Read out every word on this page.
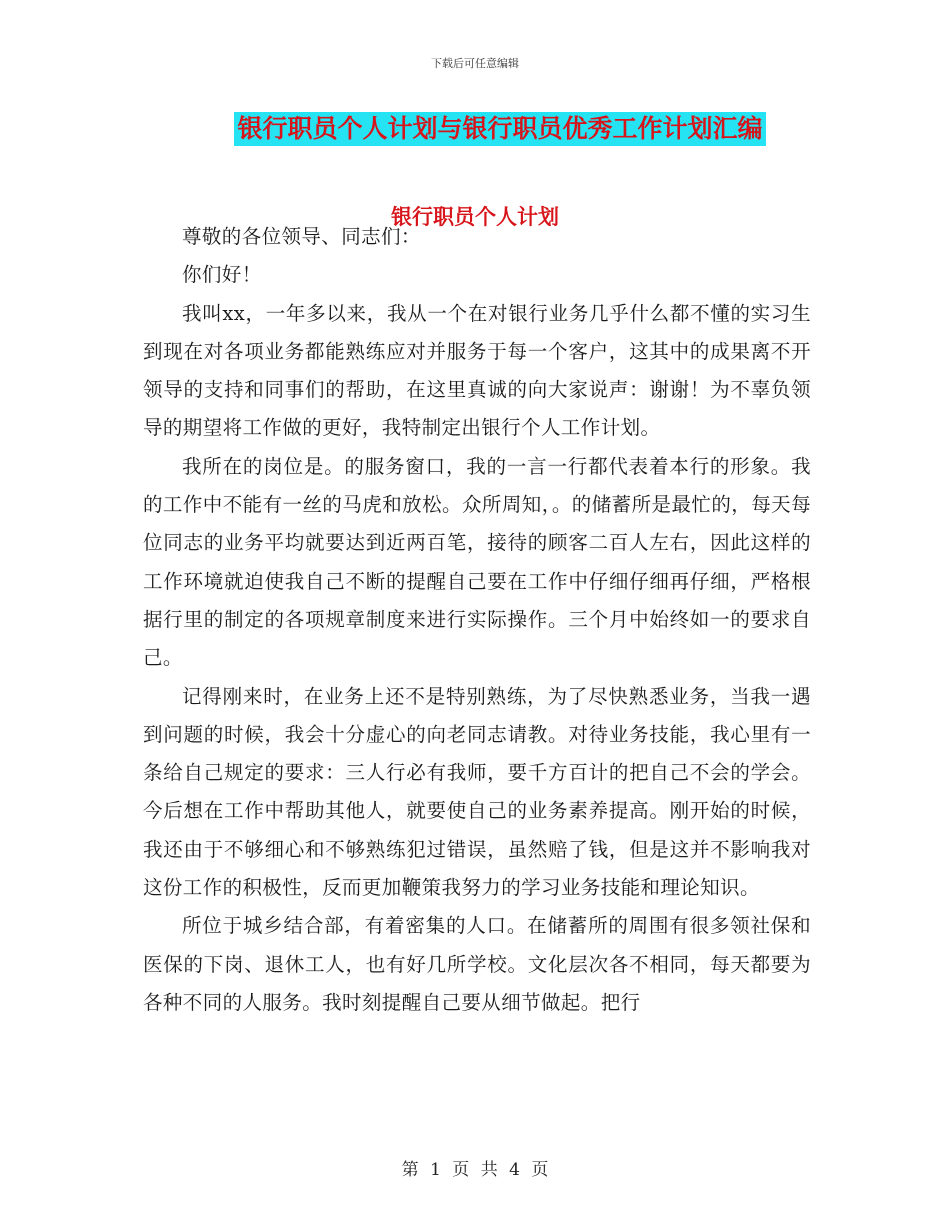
下载后可任意编辑
银行职员个人计划与银行职员优秀工作计划汇编
银行职员个人计划

尊敬的各位领导、同志们：

你们好！

我叫xx，一年多以来，我从一个在对银行业务几乎什么都不懂的实习生到现在对各项业务都能熟练应对并服务于每一个客户，这其中的成果离不开领导的支持和同事们的帮助，在这里真诚的向大家说声：谢谢！为不辜负领导的期望将工作做的更好，我特制定出银行个人工作计划。

我所在的岗位是。的服务窗口，我的一言一行都代表着本行的形象。我的工作中不能有一丝的马虎和放松。众所周知，。的储蓄所是最忙的，每天每位同志的业务平均就要达到近两百笔，接待的顾客二百人左右，因此这样的工作环境就迫使我自己不断的提醒自己要在工作中仔细仔细再仔细，严格根据行里的制定的各项规章制度来进行实际操作。三个月中始终如一的要求自己。

记得刚来时，在业务上还不是特别熟练，为了尽快熟悉业务，当我一遇到问题的时候，我会十分虚心的向老同志请教。对待业务技能，我心里有一条给自己规定的要求：三人行必有我师，要千方百计的把自己不会的学会。今后想在工作中帮助其他人，就要使自己的业务素养提高。刚开始的时候，我还由于不够细心和不够熟练犯过错误，虽然赔了钱，但是这并不影响我对这份工作的积极性，反而更加鞭策我努力的学习业务技能和理论知识。

所位于城乡结合部，有着密集的人口。在储蓄所的周围有很多领社保和医保的下岗、退休工人，也有好几所学校。文化层次各不相同，每天都要为各种不同的人服务。我时刻提醒自己要从细节做起。把行

第 1 页 共 4 页
